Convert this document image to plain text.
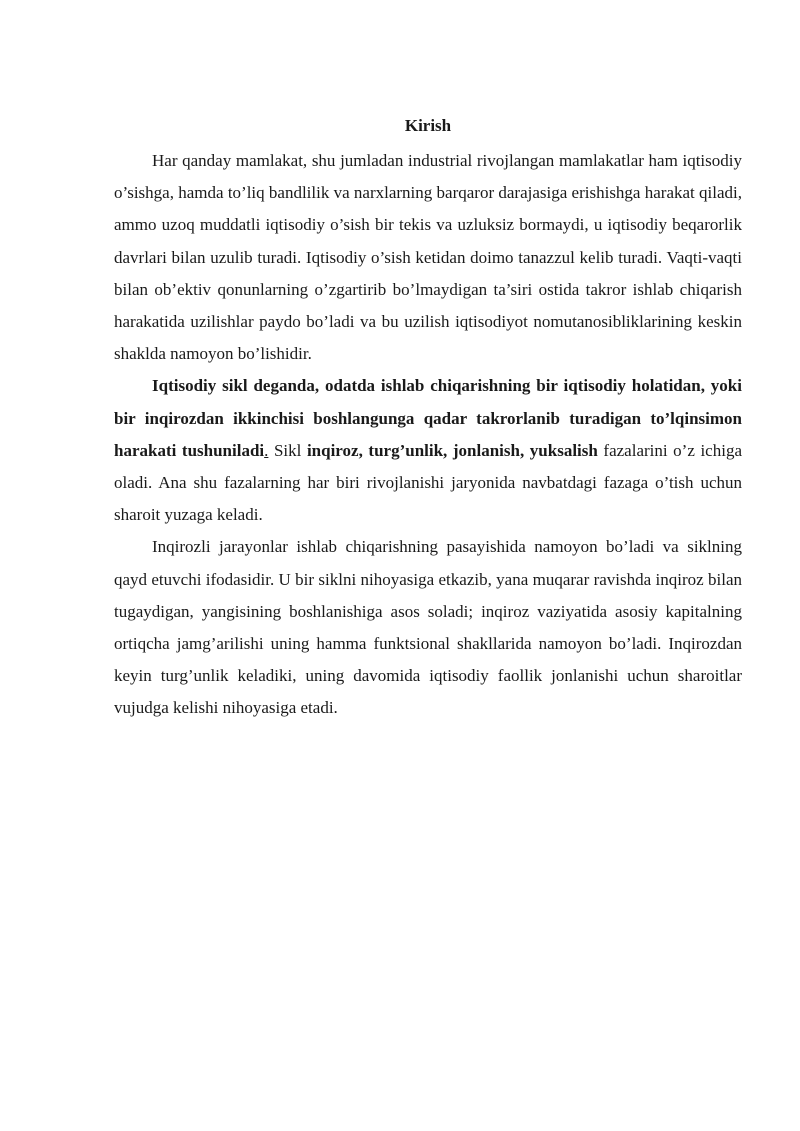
Kirish

Har qanday mamlakat, shu jumladan industrial rivojlangan mamlakatlar ham iqtisodiy o’sishga, hamda to’liq bandlilik va narxlarning barqaror darajasiga erishishga harakat qiladi, ammo uzoq muddatli iqtisodiy o’sish bir tekis va uzluksiz bormaydi, u iqtisodiy beqarorlik davrlari bilan uzulib turadi. Iqtisodiy o’sish ketidan doimo tanazzul kelib turadi. Vaqti-vaqti bilan ob’ektiv qonunlarning o’zgartirib bo’lmaydigan ta’siri ostida takror ishlab chiqarish harakatida uzilishlar paydo bo’ladi va bu uzilish iqtisodiyot nomutanosibliklarining keskin shaklda namoyon bo’lishidir.

Iqtisodiy sikl deganda, odatda ishlab chiqarishning bir iqtisodiy holatidan, yoki bir inqirozdan ikkinchisi boshlangunga qadar takrorlanib turadigan to’lqinsimon harakati tushuniladi. Sikl inqiroz, turg’unlik, jonlanish, yuksalish fazalarini o’z ichiga oladi. Ana shu fazalarning har biri rivojlanishi jaryonida navbatdagi fazaga o’tish uchun sharoit yuzaga keladi.

Inqirozli jarayonlar ishlab chiqarishning pasayishida namoyon bo’ladi va siklning qayd etuvchi ifodasidir. U bir siklni nihoyasiga etkazib, yana muqarar ravishda inqiroz bilan tugaydigan, yangisining boshlanishiga asos soladi; inqiroz vaziyatida asosiy kapitalning ortiqcha jamg’arilishi uning hamma funktsional shakllarida namoyon bo’ladi. Inqirozdan keyin turg’unlik keladiki, uning davomida iqtisodiy faollik jonlanishi uchun sharoitlar vujudga kelishi nihoyasiga etadi.
